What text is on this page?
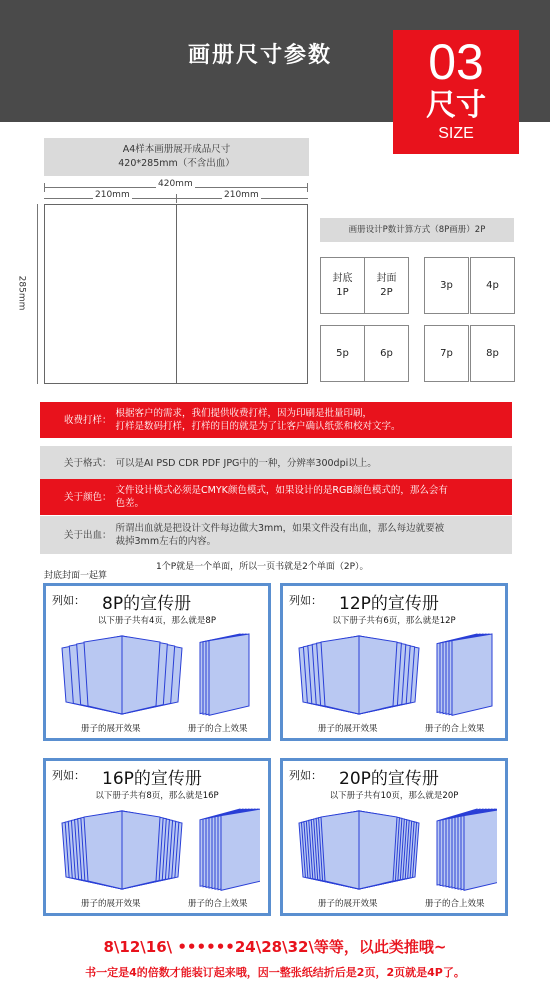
画册尺寸参数	03
尺寸
SIZE
A4样本画册展开成品尺寸
420*285mm（不含出血）
420mm
210mm	210mm
285mm
画册设计P数计算方式（8P画册）2P
封底
1P
封面
2P
3p	4p
5p	6p	7p	8p
收费打样：
根据客户的需求，我们提供收费打样，因为印刷是批量印刷，
打样是数码打样，打样的目的就是为了让客户确认纸张和校对文字。
关于格式： 可以是AI PSD CDR PDF JPG中的一种，分辨率300dpi以上。
关于颜色：
文件设计模式必须是CMYK颜色模式，如果设计的是RGB颜色模式的，那么会有
色差。
关于出血：
所谓出血就是把设计文件每边做大3mm，如果文件没有出血，那么每边就要被
裁掉3mm左右的内容。
1个P就是一个单面，所以一页书就是2个单面（2P）。
封底封面一起算
列如： 8P的宣传册
以下册子共有4页，那么就是8P
册子的展开效果	册子的合上效果
列如： 12P的宣传册
以下册子共有6页，那么就是12P
册子的展开效果	册子的合上效果
列如： 16P的宣传册
以下册子共有8页，那么就是16P
册子的展开效果	册子的合上效果
列如： 20P的宣传册
以下册子共有10页，那么就是20P
册子的展开效果	册子的合上效果
8\12\16\ ••••••24\28\32\等等，以此类推哦~
书一定是4的倍数才能装订起来哦，因一整张纸结折后是2页，2页就是4P了。
